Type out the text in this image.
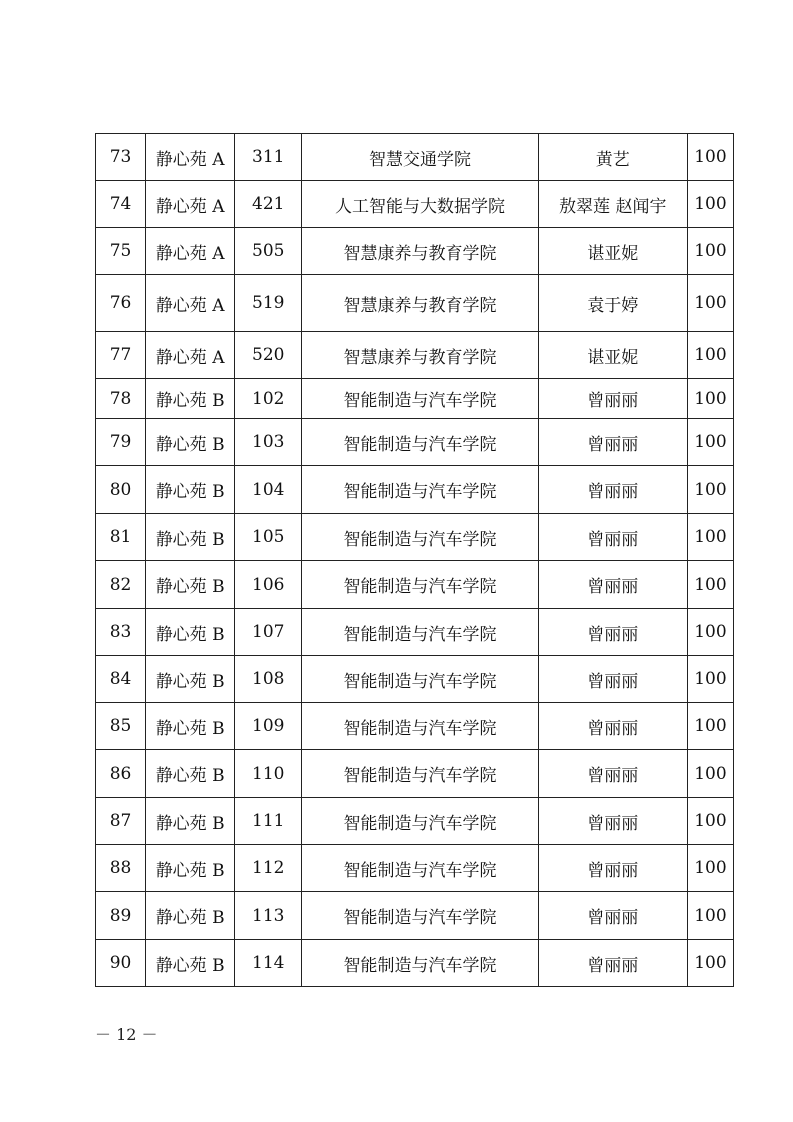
73	静心苑 A	311	智慧交通学院	黄艺	100
74	静心苑 A	421	人工智能与大数据学院	敖翠莲 赵闻宇	100
75	静心苑 A	505	智慧康养与教育学院	谌亚妮	100
76	静心苑 A	519	智慧康养与教育学院	袁于婷	100
77	静心苑 A	520	智慧康养与教育学院	谌亚妮	100
78	静心苑 B	102	智能制造与汽车学院	曾丽丽	100
79	静心苑 B	103	智能制造与汽车学院	曾丽丽	100
80	静心苑 B	104	智能制造与汽车学院	曾丽丽	100
81	静心苑 B	105	智能制造与汽车学院	曾丽丽	100
82	静心苑 B	106	智能制造与汽车学院	曾丽丽	100
83	静心苑 B	107	智能制造与汽车学院	曾丽丽	100
84	静心苑 B	108	智能制造与汽车学院	曾丽丽	100
85	静心苑 B	109	智能制造与汽车学院	曾丽丽	100
86	静心苑 B	110	智能制造与汽车学院	曾丽丽	100
87	静心苑 B	111	智能制造与汽车学院	曾丽丽	100
88	静心苑 B	112	智能制造与汽车学院	曾丽丽	100
89	静心苑 B	113	智能制造与汽车学院	曾丽丽	100
90	静心苑 B	114	智能制造与汽车学院	曾丽丽	100
－ 12 －
